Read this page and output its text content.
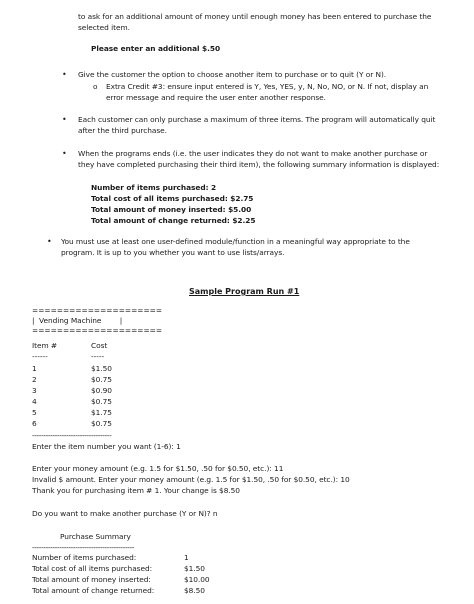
to ask for an additional amount of money until enough money has been entered to purchase the
selected item.
Please enter an additional $.50
• Give the customer the option to choose another item to purchase or to quit (Y or N).
o Extra Credit #3: ensure input entered is Y, Yes, YES, y, N, No, NO, or N. If not, display an
error message and require the user enter another response.
• Each customer can only purchase a maximum of three items. The program will automatically quit
after the third purchase.
• When the programs ends (i.e. the user indicates they do not want to make another purchase or
they have completed purchasing their third item), the following summary information is displayed:
Number of items purchased: 2
Total cost of all items purchased: $2.75
Total amount of money inserted: $5.00
Total amount of change returned: $2.25
• You must use at least one user-defined module/function in a meaningful way appropriate to the
program. It is up to you whether you want to use lists/arrays.
Sample Program Run #1
=====================
|  Vending Machine        |
=====================
Item #	Cost
------	-----
1	$1.50
2	$0.75
3	$0.90
4	$0.75
5	$1.75
6	$0.75
-----------------------------------
Enter the item number you want (1-6): 1
Enter your money amount (e.g. 1.5 for $1.50, .50 for $0.50, etc.): 11
Invalid $ amount. Enter your money amount (e.g. 1.5 for $1.50, .50 for $0.50, etc.): 10
Thank you for purchasing item # 1. Your change is $8.50
Do you want to make another purchase (Y or N)? n
Purchase Summary
---------------------------------------------
Number of items purchased:	1
Total cost of all items purchased:	$1.50
Total amount of money inserted:	$10.00
Total amount of change returned:	$8.50
